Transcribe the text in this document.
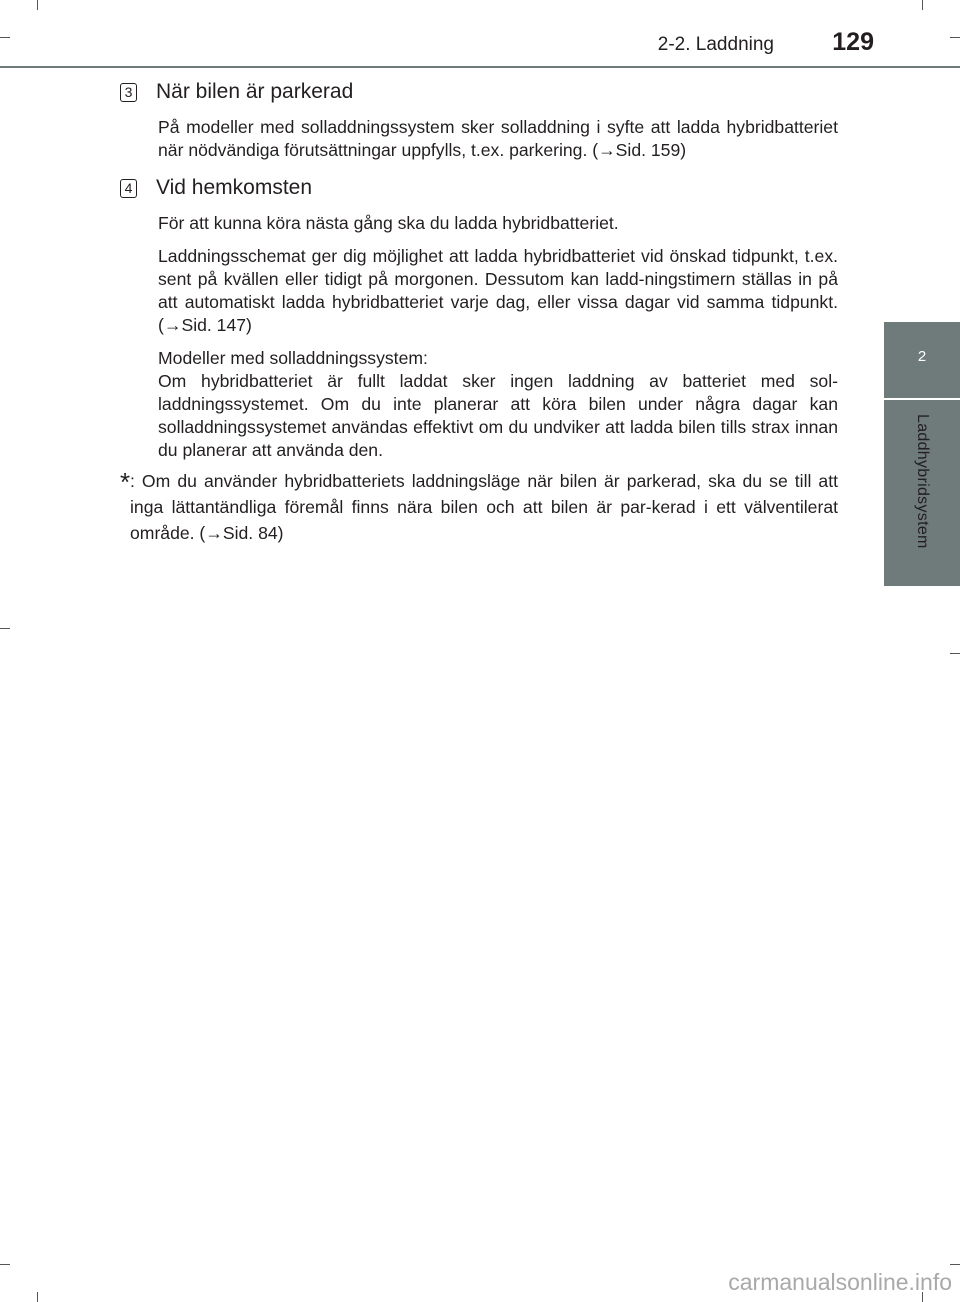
2-2. Laddning 129
2
Laddhybridsystem
3 När bilen är parkerad

På modeller med solladdningssystem sker solladdning i syfte att ladda hybridbatteriet när nödvändiga förutsättningar uppfylls, t.ex. parkering. (→Sid. 159)

4 Vid hemkomsten

För att kunna köra nästa gång ska du ladda hybridbatteriet.

Laddningsschemat ger dig möjlighet att ladda hybridbatteriet vid önskad tidpunkt, t.ex. sent på kvällen eller tidigt på morgonen. Dessutom kan ladd-ningstimern ställas in på att automatiskt ladda hybridbatteriet varje dag, eller vissa dagar vid samma tidpunkt. (→Sid. 147)

Modeller med solladdningssystem:

Om hybridbatteriet är fullt laddat sker ingen laddning av batteriet med sol-laddningssystemet. Om du inte planerar att köra bilen under några dagar kan solladdningssystemet användas effektivt om du undviker att ladda bilen tills strax innan du planerar att använda den.

* : Om du använder hybridbatteriets laddningsläge när bilen är parkerad, ska du se till att inga lättantändliga föremål finns nära bilen och att bilen är par-kerad i ett välventilerat område. (→Sid. 84)
carmanualsonline.info
